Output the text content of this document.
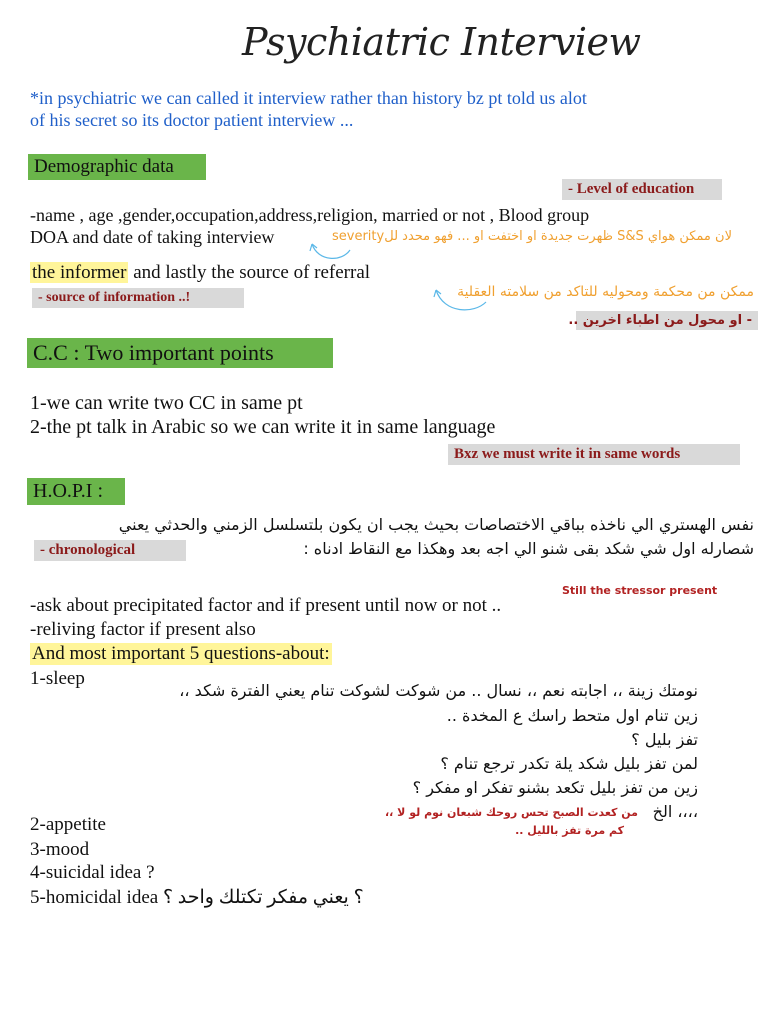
Psychiatric Interview
*in psychiatric we can called it interview rather than history bz pt told us alot
of his secret so its doctor patient interview ...
Demographic data
- Level of education
-name , age ,gender,occupation,address,religion, married or not , Blood group
DOA and date of taking interview	لان ممكن هواي S&S ظهرت جديدة او اختفت او ... فهو محدد للseverity
the informer and lastly the source of referral
- source of information ..!	ممكن من محكمة ومحوليه للتاكد من سلامته العقلية
- او محول من اطباء اخرين ..
C.C : Two important points
1-we can write two CC in same pt
2-the pt talk in Arabic so we can write it in same language
Bxz we must write it in same words
H.O.P.I :
نفس الهستري الي ناخذه بباقي الاختصاصات بحيث يجب ان يكون بلتسلسل الزمني والحدثي يعني
شصارله اول شي شكد بقى شنو الي اجه بعد وهكذا مع النقاط ادناه :
- chronological
Still the stressor present
-ask about precipitated factor and if present until now or not ..
-reliving factor if present also
And most important 5 questions-about:
1-sleep
نومتك زينة ،، اجابته نعم ،، نسال .. من شوكت لشوكت تنام يعني الفترة شكد ،،
زين تنام اول متحط راسك ع المخدة ..
تفز بليل ؟
لمن تفز بليل شكد يلة تكدر ترجع تنام ؟
زين من تفز بليل تكعد بشنو تفكر او مفكر ؟
،،،، الخ
من كعدت الصبح تحس روحك شبعان نوم لو لا ،،
كم مرة تفز بالليل ..
2-appetite
3-mood
4-suicidal idea ?
5-homicidal idea ؟ يعني مفكر تكتلك واحد ؟
